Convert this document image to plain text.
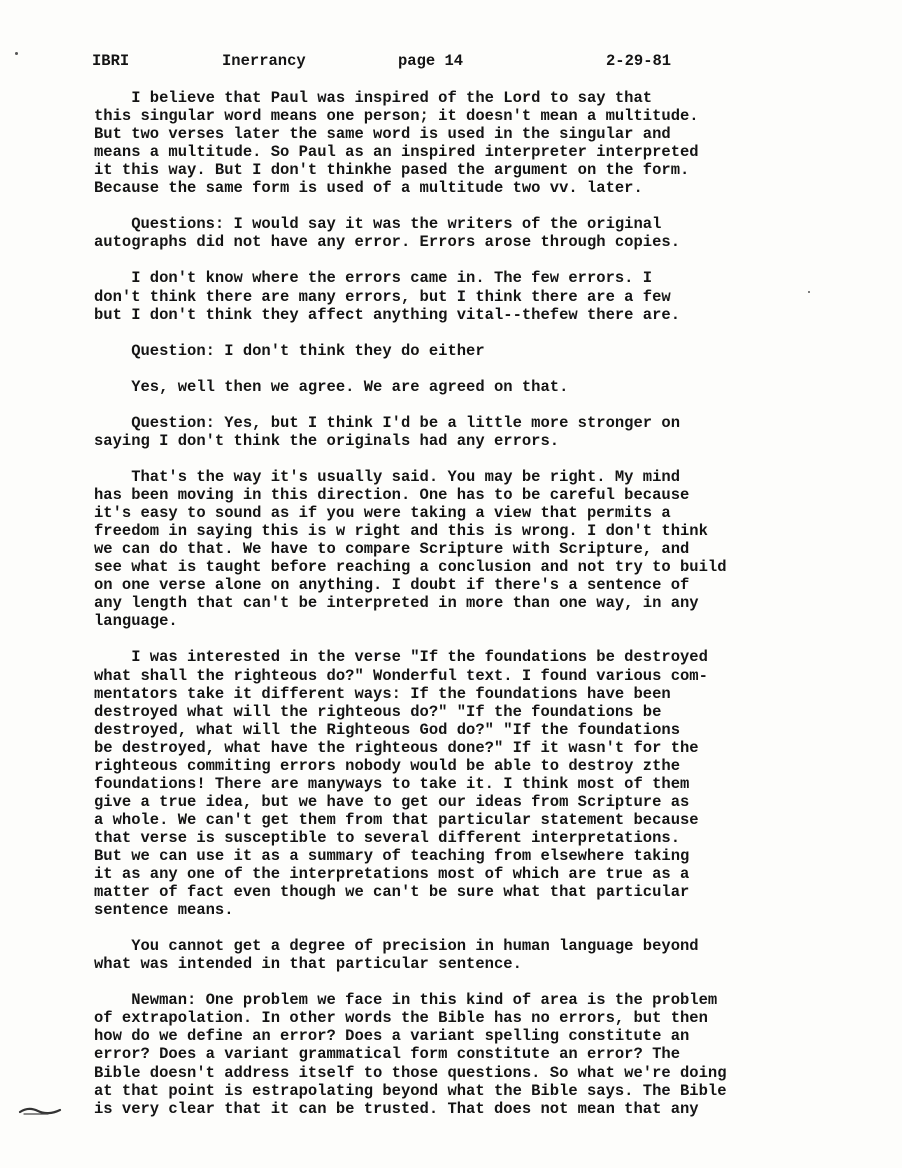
IBRI

	Inerrancy

	page 14

	2-29-81

I believe that Paul was inspired of the Lord to say that
this singular word means one person; it doesn't mean a multitude.
But two verses later the same word is used in the singular and
means a multitude. So Paul as an inspired interpreter interpreted
it this way. But I don't thinkhe pased the argument on the form.
Because the same form is used of a multitude two vv. later.
Questions: I would say it was the writers of the original
autographs did not have any error. Errors arose through copies.
I don't know where the errors came in. The few errors. I
don't think there are many errors, but I think there are a few
but I don't think they affect anything vital--thefew there are.
Question: I don't think they do either
Yes, well then we agree. We are agreed on that.
Question: Yes, but I think I'd be a little more stronger on
saying I don't think the originals had any errors.
That's the way it's usually said. You may be right. My mind
has been moving in this direction. One has to be careful because
it's easy to sound as if you were taking a view that permits a
freedom in saying this is w right and this is wrong. I don't think
we can do that. We have to compare Scripture with Scripture, and
see what is taught before reaching a conclusion and not try to build
on one verse alone on anything. I doubt if there's a sentence of
any length that can't be interpreted in more than one way, in any
language.
I was interested in the verse "If the foundations be destroyed
what shall the righteous do?" Wonderful text. I found various com-
mentators take it different ways: If the foundations have been
destroyed what will the righteous do?" "If the foundations be
destroyed, what will the Righteous God do?" "If the foundations
be destroyed, what have the righteous done?" If it wasn't for the
righteous commiting errors nobody would be able to destroy zthe
foundations! There are manyways to take it. I think most of them
give a true idea, but we have to get our ideas from Scripture as
a whole. We can't get them from that particular statement because
that verse is susceptible to several different interpretations.
But we can use it as a summary of teaching from elsewhere taking
it as any one of the interpretations most of which are true as a
matter of fact even though we can't be sure what that particular
sentence means.
You cannot get a degree of precision in human language beyond
what was intended in that particular sentence.
Newman: One problem we face in this kind of area is the problem
of extrapolation. In other words the Bible has no errors, but then
how do we define an error? Does a variant spelling constitute an
error? Does a variant grammatical form constitute an error? The
Bible doesn't address itself to those questions. So what we're doing
at that point is estrapolating beyond what the Bible says. The Bible
is very clear that it can be trusted. That does not mean that any
